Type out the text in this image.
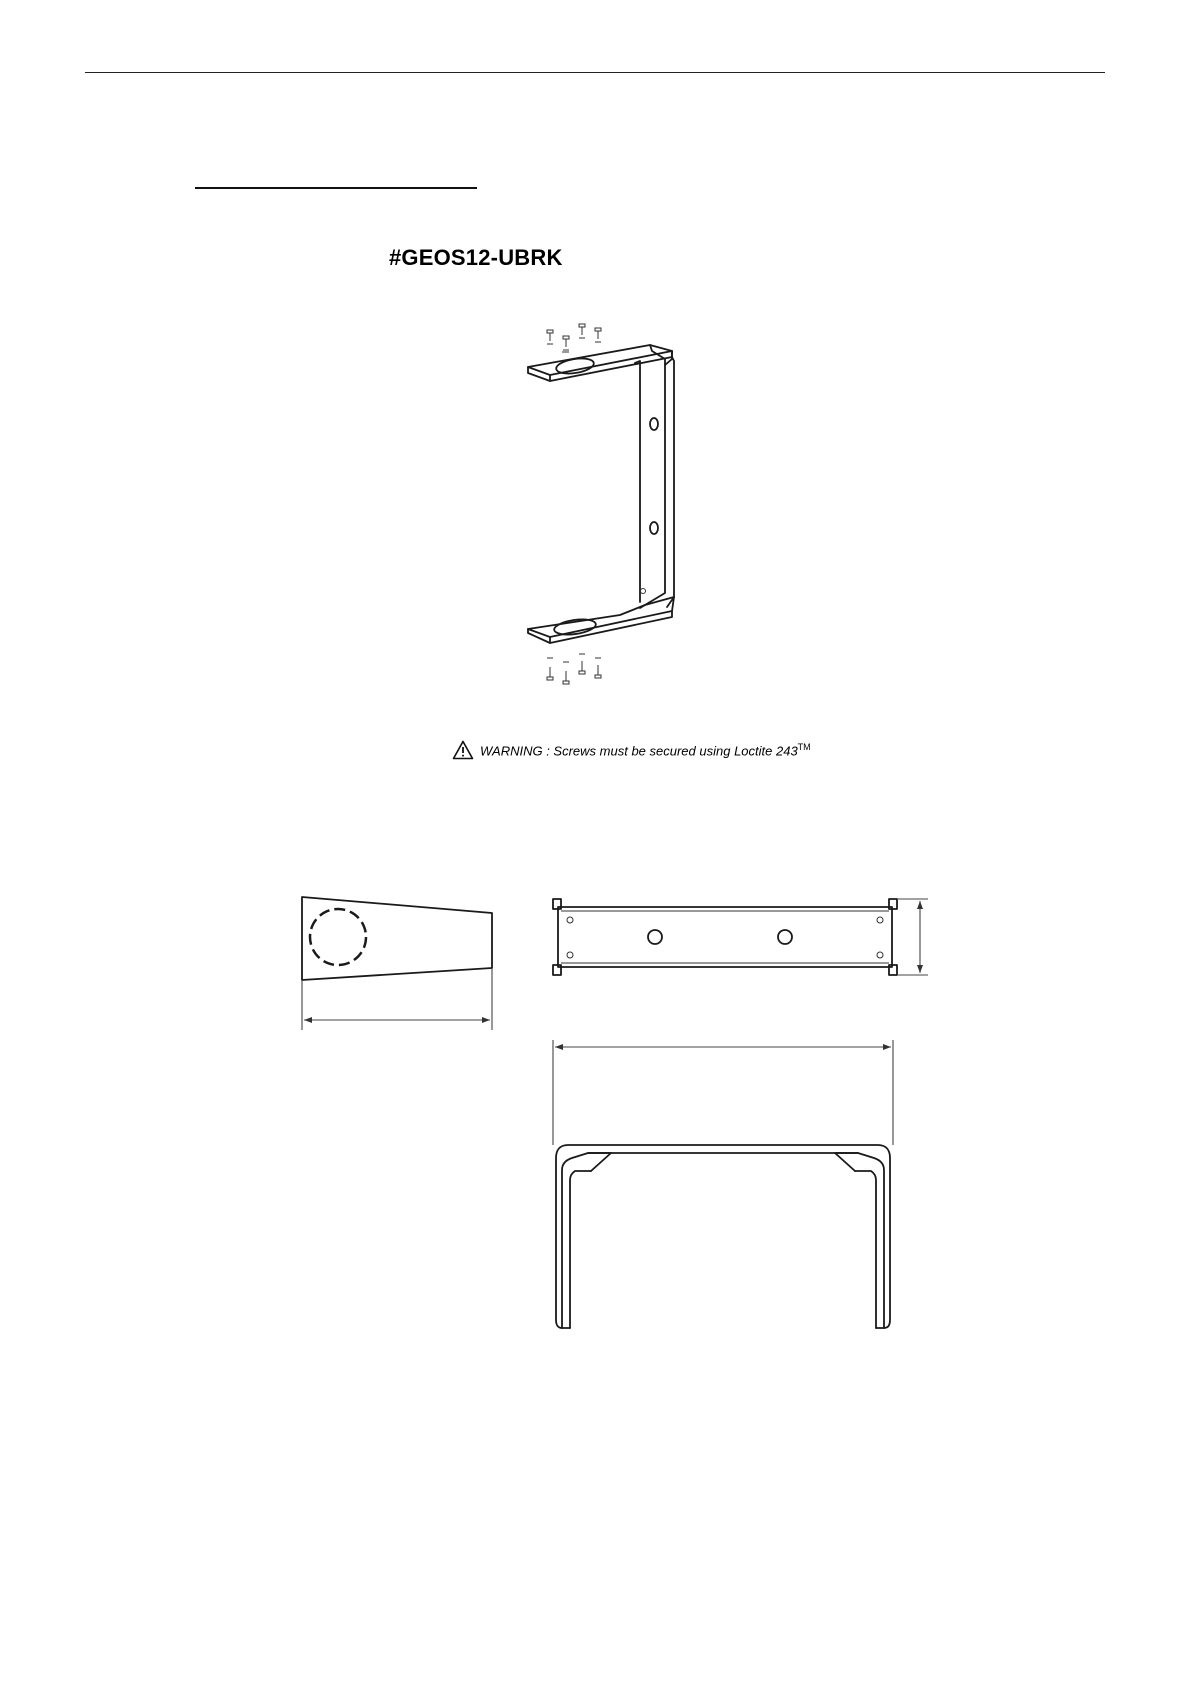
#GEOS12-UBRK
WARNING : Screws must be secured using Loctite 243™
